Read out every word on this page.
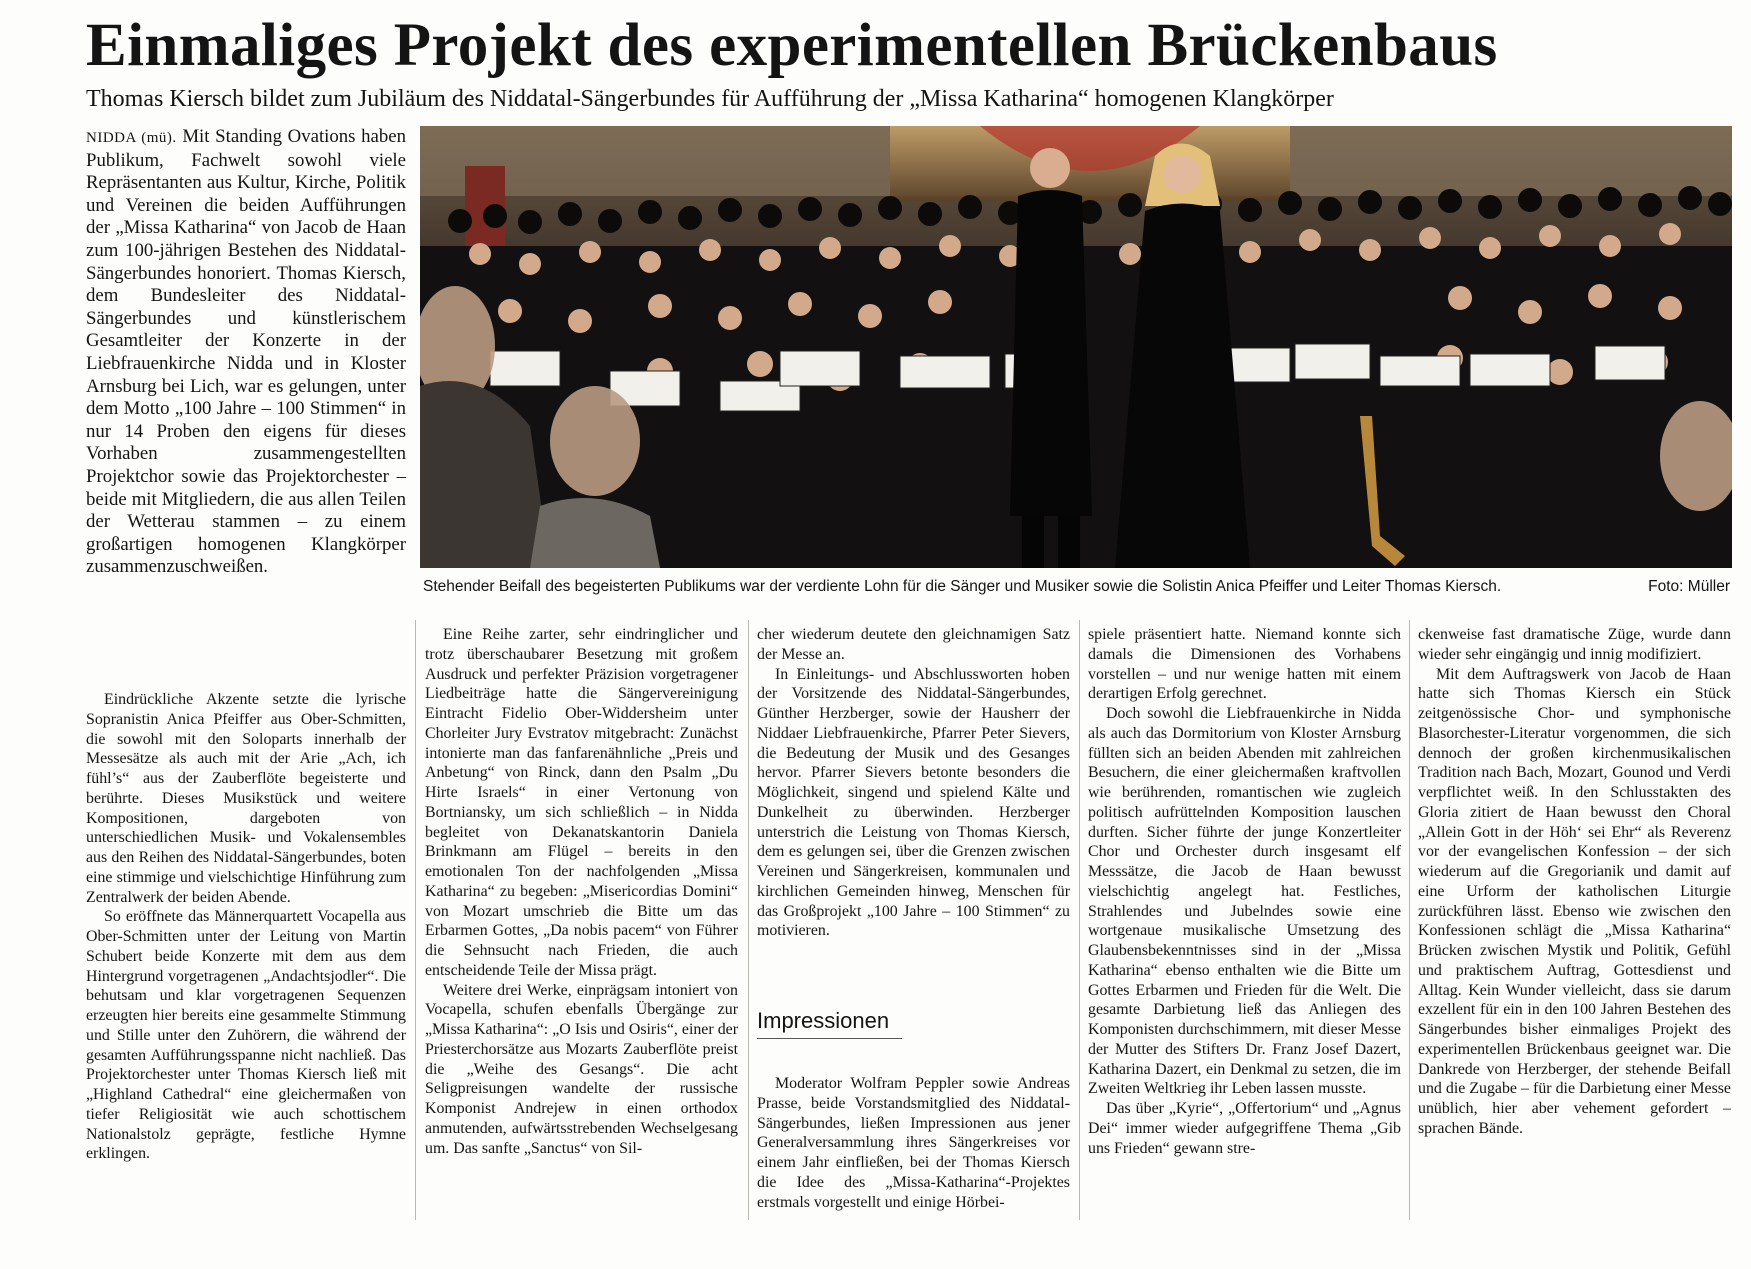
Einmaliges Projekt des experimentellen Brückenbaus
Thomas Kiersch bildet zum Jubiläum des Niddatal-Sängerbundes für Aufführung der „Missa Katharina“ homogenen Klangkörper

NIDDA (mü). Mit Standing Ovations haben Publikum, Fachwelt sowohl viele Repräsentanten aus Kultur, Kirche, Politik und Vereinen die beiden Aufführungen der „Missa Katharina“ von Jacob de Haan zum 100-jährigen Bestehen des Niddatal-Sängerbundes honoriert. Thomas Kiersch, dem Bundesleiter des Niddatal-Sängerbundes und künstlerischem Gesamtleiter der Konzerte in der Liebfrauenkirche Nidda und in Kloster Arnsburg bei Lich, war es gelungen, unter dem Motto „100 Jahre – 100 Stimmen“ in nur 14 Proben den eigens für dieses Vorhaben zusammengestellten Projektchor sowie das Projektorchester – beide mit Mitgliedern, die aus allen Teilen der Wetterau stammen – zu einem großartigen homogenen Klangkörper zusammenzuschweißen.

Eindrückliche Akzente setzte die lyrische Sopranistin Anica Pfeiffer aus Ober-Schmitten, die sowohl mit den Soloparts innerhalb der Messesätze als auch mit der Arie „Ach, ich fühl’s“ aus der Zauberflöte begeisterte und berührte. Dieses Musikstück und weitere Kompositionen, dargeboten von unterschiedlichen Musik- und Vokalensembles aus den Reihen des Niddatal-Sängerbundes, boten eine stimmige und vielschichtige Hinführung zum Zentralwerk der beiden Abende.

So eröffnete das Männerquartett Vocapella aus Ober-Schmitten unter der Leitung von Martin Schubert beide Konzerte mit dem aus dem Hintergrund vorgetragenen „Andachtsjodler“. Die behutsam und klar vorgetragenen Sequenzen erzeugten hier bereits eine gesammelte Stimmung und Stille unter den Zuhörern, die während der gesamten Aufführungsspanne nicht nachließ. Das Projektorchester unter Thomas Kiersch ließ mit „Highland Cathedral“ eine gleichermaßen von tiefer Religiosität wie auch schottischem Nationalstolz geprägte, festliche Hymne erklingen.

Eine Reihe zarter, sehr eindringlicher und trotz überschaubarer Besetzung mit großem Ausdruck und perfekter Präzision vorgetragener Liedbeiträge hatte die Sängervereinigung Eintracht Fidelio Ober-Widdersheim unter Chorleiter Jury Evstratov mitgebracht: Zunächst intonierte man das fanfarenähnliche „Preis und Anbetung“ von Rinck, dann den Psalm „Du Hirte Israels“ in einer Vertonung von Bortniansky, um sich schließlich – in Nidda begleitet von Dekanatskantorin Daniela Brinkmann am Flügel – bereits in den emotionalen Ton der nachfolgenden „Missa Katharina“ zu begeben: „Misericordias Domini“ von Mozart umschrieb die Bitte um das Erbarmen Gottes, „Da nobis pacem“ von Führer die Sehnsucht nach Frieden, die auch entscheidende Teile der Missa prägt.

Weitere drei Werke, einprägsam intoniert von Vocapella, schufen ebenfalls Übergänge zur „Missa Katharina“: „O Isis und Osiris“, einer der Priesterchorsätze aus Mozarts Zauberflöte preist die „Weihe des Gesangs“. Die acht Seligpreisungen wandelte der russische Komponist Andrejew in einen orthodox anmutenden, aufwärtsstrebenden Wechselgesang um. Das sanfte „Sanctus“ von Sil-

cher wiederum deutete den gleichnamigen Satz der Messe an.

In Einleitungs- und Abschlussworten hoben der Vorsitzende des Niddatal-Sängerbundes, Günther Herzberger, sowie der Hausherr der Niddaer Liebfrauenkirche, Pfarrer Peter Sievers, die Bedeutung der Musik und des Gesanges hervor. Pfarrer Sievers betonte besonders die Möglichkeit, singend und spielend Kälte und Dunkelheit zu überwinden. Herzberger unterstrich die Leistung von Thomas Kiersch, dem es gelungen sei, über die Grenzen zwischen Vereinen und Sängerkreisen, kommunalen und kirchlichen Gemeinden hinweg, Menschen für das Großprojekt „100 Jahre – 100 Stimmen“ zu motivieren.

Moderator Wolfram Peppler sowie Andreas Prasse, beide Vorstandsmitglied des Niddatal-Sängerbundes, ließen Impressionen aus jener Generalversammlung ihres Sängerkreises vor einem Jahr einfließen, bei der Thomas Kiersch die Idee des „Missa-Katharina“-Projektes erstmals vorgestellt und einige Hörbei-

Impressionen

spiele präsentiert hatte. Niemand konnte sich damals die Dimensionen des Vorhabens vorstellen – und nur wenige hatten mit einem derartigen Erfolg gerechnet.

Doch sowohl die Liebfrauenkirche in Nidda als auch das Dormitorium von Kloster Arnsburg füllten sich an beiden Abenden mit zahlreichen Besuchern, die einer gleichermaßen kraftvollen wie berührenden, romantischen wie zugleich politisch aufrüttelnden Komposition lauschen durften. Sicher führte der junge Konzertleiter Chor und Orchester durch insgesamt elf Messsätze, die Jacob de Haan bewusst vielschichtig angelegt hat. Festliches, Strahlendes und Jubelndes sowie eine wortgenaue musikalische Umsetzung des Glaubensbekenntnisses sind in der „Missa Katharina“ ebenso enthalten wie die Bitte um Gottes Erbarmen und Frieden für die Welt. Die gesamte Darbietung ließ das Anliegen des Komponisten durchschimmern, mit dieser Messe der Mutter des Stifters Dr. Franz Josef Dazert, Katharina Dazert, ein Denkmal zu setzen, die im Zweiten Weltkrieg ihr Leben lassen musste.

Das über „Kyrie“, „Offertorium“ und „Agnus Dei“ immer wieder aufgegriffene Thema „Gib uns Frieden“ gewann stre-

ckenweise fast dramatische Züge, wurde dann wieder sehr eingängig und innig modifiziert.

Mit dem Auftragswerk von Jacob de Haan hatte sich Thomas Kiersch ein Stück zeitgenössische Chor- und symphonische Blasorchester-Literatur vorgenommen, die sich dennoch der großen kirchenmusikalischen Tradition nach Bach, Mozart, Gounod und Verdi verpflichtet weiß. In den Schlusstakten des Gloria zitiert de Haan bewusst den Choral „Allein Gott in der Höh‘ sei Ehr“ als Reverenz vor der evangelischen Konfession – der sich wiederum auf die Gregorianik und damit auf eine Urform der katholischen Liturgie zurückführen lässt. Ebenso wie zwischen den Konfessionen schlägt die „Missa Katharina“ Brücken zwischen Mystik und Politik, Gefühl und praktischem Auftrag, Gottesdienst und Alltag. Kein Wunder vielleicht, dass sie darum exzellent für ein in den 100 Jahren Bestehen des Sängerbundes bisher einmaliges Projekt des experimentellen Brückenbaus geeignet war. Die Dankrede von Herzberger, der stehende Beifall und die Zugabe – für die Darbietung einer Messe unüblich, hier aber vehement gefordert – sprachen Bände.

Stehender Beifall des begeisterten Publikums war der verdiente Lohn für die Sänger und Musiker sowie die Solistin Anica Pfeiffer und Leiter Thomas Kiersch.	Foto: Müller
